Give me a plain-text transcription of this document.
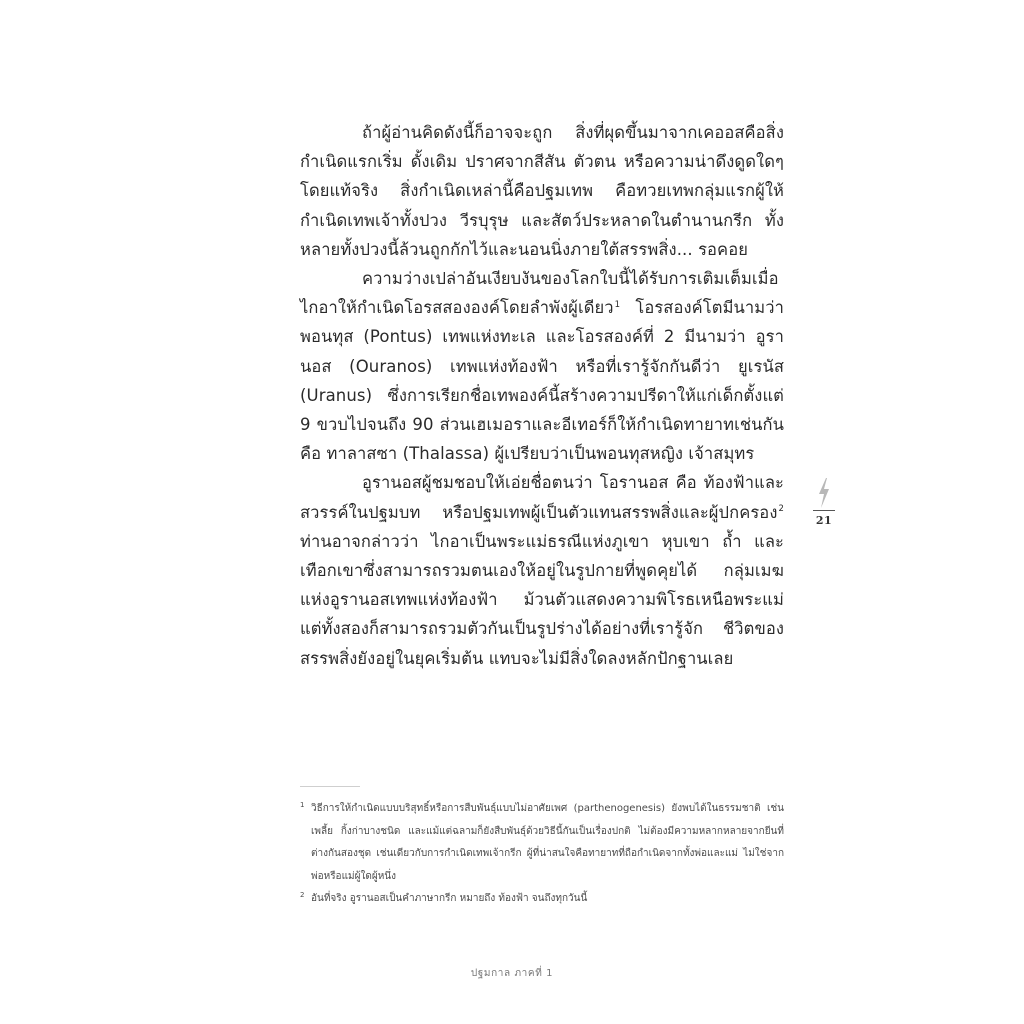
ถ้าผู้อ่านคิดดังนี้ก็อาจจะถูก สิ่งที่ผุดขึ้นมาจากเคออสคือสิ่งกำเนิดแรกเริ่ม ดั้งเดิม ปราศจากสีสัน ตัวตน หรือความน่าดึงดูดใดๆ โดยแท้จริง สิ่งกำเนิดเหล่านี้คือปฐมเทพ คือทวยเทพกลุ่มแรกผู้ให้กำเนิดเทพเจ้าทั้งปวง วีรบุรุษ และสัตว์ประหลาดในตำนานกรีก ทั้งหลายทั้งปวงนี้ล้วนถูกกักไว้และนอนนิ่งภายใต้สรรพสิ่ง... รอคอย

ความว่างเปล่าอันเงียบงันของโลกใบนี้ได้รับการเติมเต็มเมื่อไกอาให้กำเนิดโอรสสององค์โดยลำพังผู้เดียว$^1$ โอรสองค์โตมีนามว่าพอนทุส (Pontus) เทพแห่งทะเล และโอรสองค์ที่ 2 มีนามว่า อูรานอส (Ouranos) เทพแห่งท้องฟ้า หรือที่เรารู้จักกันดีว่า ยูเรนัส (Uranus) ซึ่งการเรียกชื่อเทพองค์นี้สร้างความปรีดาให้แก่เด็กตั้งแต่ 9 ขวบไปจนถึง 90 ส่วนเฮเมอราและอีเทอร์ก็ให้กำเนิดทายาทเช่นกัน คือ ทาลาสซา (Thalassa) ผู้เปรียบว่าเป็นพอนทุสหญิง เจ้าสมุทร

อูรานอสผู้ชมชอบให้เอ่ยชื่อตนว่า โอรานอส คือ ท้องฟ้าและสวรรค์ในปฐมบท หรือปฐมเทพผู้เป็นตัวแทนสรรพสิ่งและผู้ปกครอง$^2$ ท่านอาจกล่าวว่า ไกอาเป็นพระแม่ธรณีแห่งภูเขา หุบเขา ถ้ำ และเทือกเขาซึ่งสามารถรวมตนเองให้อยู่ในรูปกายที่พูดคุยได้ กลุ่มเมฆแห่งอูรานอสเทพแห่งท้องฟ้า ม้วนตัวแสดงความพิโรธเหนือพระแม่ แต่ทั้งสองก็สามารถรวมตัวกันเป็นรูปร่างได้อย่างที่เรารู้จัก ชีวิตของสรรพสิ่งยังอยู่ในยุคเริ่มต้น แทบจะไม่มีสิ่งใดลงหลักปักฐานเลย

21

1 วิธีการให้กำเนิดแบบบริสุทธิ์หรือการสืบพันธุ์แบบไม่อาศัยเพศ (parthenogenesis) ยังพบได้ในธรรมชาติ เช่น เพลี้ย กิ้งก่าบางชนิด และแม้แต่ฉลามก็ยังสืบพันธุ์ด้วยวิธีนี้กันเป็นเรื่องปกติ ไม่ต้องมีความหลากหลายจากยีนที่ต่างกันสองชุด เช่นเดียวกับการกำเนิดเทพเจ้ากรีก ผู้ที่น่าสนใจคือทายาทที่ถือกำเนิดจากทั้งพ่อและแม่ ไม่ใช่จากพ่อหรือแม่ผู้ใดผู้หนึ่ง

2 อันที่จริง อูรานอสเป็นคำภาษากรีก หมายถึง ท้องฟ้า จนถึงทุกวันนี้

ปฐมกาล ภาคที่ 1
